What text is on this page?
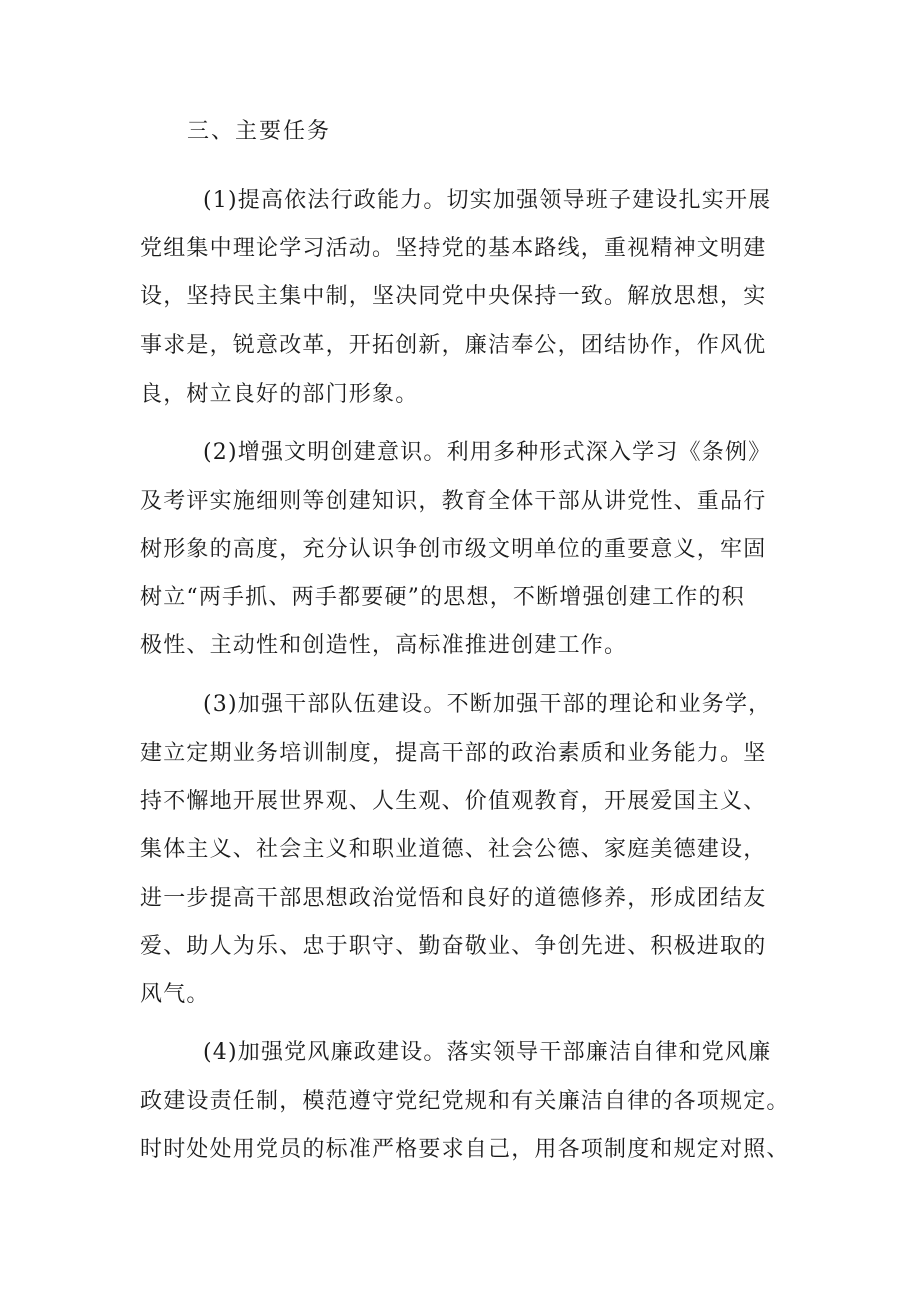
三、主要任务
(1)提高依法行政能力。切实加强领导班子建设扎实开展
党组集中理论学习活动。坚持党的基本路线，重视精神文明建
设，坚持民主集中制，坚决同党中央保持一致。解放思想，实
事求是，锐意改革，开拓创新，廉洁奉公，团结协作，作风优
良，树立良好的部门形象。
(2)增强文明创建意识。利用多种形式深入学习《条例》
及考评实施细则等创建知识，教育全体干部从讲党性、重品行
树形象的高度，充分认识争创市级文明单位的重要意义，牢固
树立“两手抓、两手都要硬”的思想，不断增强创建工作的积
极性、主动性和创造性，高标准推进创建工作。
(3)加强干部队伍建设。不断加强干部的理论和业务学，
建立定期业务培训制度，提高干部的政治素质和业务能力。坚
持不懈地开展世界观、人生观、价值观教育，开展爱国主义、
集体主义、社会主义和职业道德、社会公德、家庭美德建设，
进一步提高干部思想政治觉悟和良好的道德修养，形成团结友
爱、助人为乐、忠于职守、勤奋敬业、争创先进、积极进取的
风气。
(4)加强党风廉政建设。落实领导干部廉洁自律和党风廉
政建设责任制，模范遵守党纪党规和有关廉洁自律的各项规定。
时时处处用党员的标准严格要求自己，用各项制度和规定对照、
